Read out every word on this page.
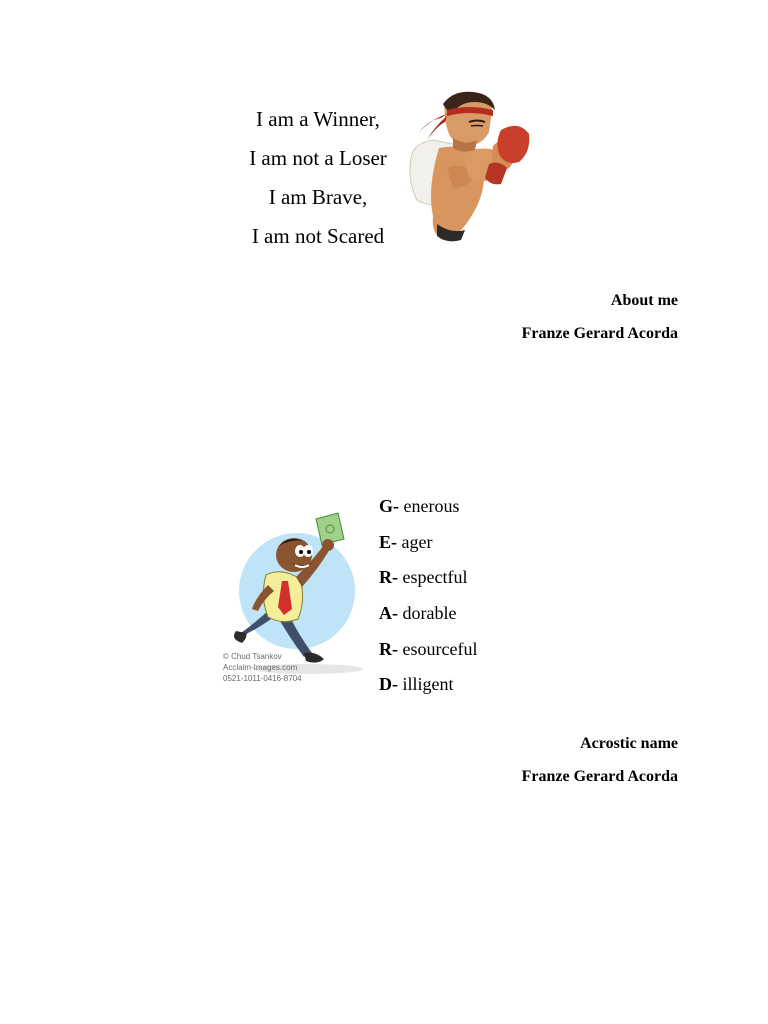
I am a Winner,
I am not a Loser
I am Brave,
I am not Scared
About me
Franze Gerard Acorda
© Chud Tsankov
Acclaim-Images.com
0521-1011-0416-8704
G- enerous
E- ager
R- espectful
A- dorable
R- esourceful
D- illigent
Acrostic name
Franze Gerard Acorda
